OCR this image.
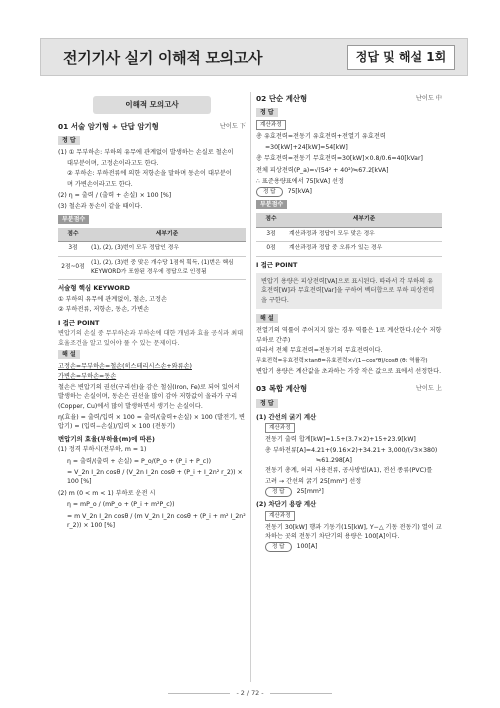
전기기사 실기 이해적 모의고사	정답 및 해설 1회
이해적 모의고사
01 서술 암기형 + 단답 암기형	난이도 下
정 답
(1) ① 무부하손: 부하의 유무에 관계없이 발생하는 손실로 철손이
대부분이며, 고정손이라고도 한다.
② 부하손: 부하전류에 의한 저항손을 말하며 동손이 대부분이
며 가변손이라고도 한다.
(2) η = 출력 / (출력 + 손실) × 100 [%]
(3) 철손과 동손이 같을 때이다.
부분점수
점수	세부기준
3점	(1), (2), (3)번이 모두 정답인 경우
2점~0점	(1), (2), (3)번 중 맞은 개수당 1점씩 획득, (1)번은 핵심 KEYWORD가 포함된 경우에 정답으로 인정됨
서술형 핵심 KEYWORD
① 부하의 유무에 관계없이, 철손, 고정손
② 부하전류, 저항손, 동손, 가변손
I 접근 POINT
변압기의 손실 중 무부하손과 부하손에 대한 개념과 효율 공식과 최대 효율조건을 알고 있어야 풀 수 있는 문제이다.
해 설
고정손=무부하손=철손(히스테리시스손+와류손)
가변손=부하손=동손
철손은 변압기의 권선(구리선)을 감은 철심(Iron, Fe)로 되어 있어서 발생하는 손실이며, 동손은 권선을 많이 감아 저항값이 올라가 구리(Copper, Cu)에서 많이 발생하면서 생기는 손실이다.
η(효율) = 출력/입력 × 100 = 출력/(출력+손실) × 100 (발전기, 변압기) = (입력−손실)/입력 × 100 (전동기)
변압기의 효율(부하율(m)에 따른)
(1) 정격 부하시(전부하, m = 1)
η = 출력/(출력 + 손실) = P_o/(P_o + (P_i + P_c))
= V_2n I_2n cosθ / (V_2n I_2n cosθ + (P_i + I_2n² r_2)) × 100 [%]
(2) m (0 < m < 1) 부하로 운전 시
η = mP_o / (mP_o + (P_i + m²P_c))
= m V_2n I_2n cosθ / (m V_2n I_2n cosθ + (P_i + m² I_2n² r_2)) × 100 [%]
02 단순 계산형	난이도 中
정 답
계산과정
총 유효전력=전동기 유효전력+전열기 유효전력
=30[kW]+24[kW]=54[kW]
총 무효전력=전동기 무효전력=30[kW]×0.8/0.6=40[kVar]
전체 피상전력(P_a)=√(54² + 40²)≒67.2[kVA]
∴ 표준용량표에서 75[kVA] 선정
정 답 75[kVA]
부분점수
점수	세부기준
3점	계산과정과 정답이 모두 맞은 경우
0점	계산과정과 정답 중 오류가 있는 경우
I 접근 POINT
변압기 용량은 피상전력[VA]으로 표시된다. 따라서 각 부하의 유효전력[W]과 무효전력[Var]을 구하여 벡터합으로 부하 피상전력을 구한다.
해 설
전열기의 역률이 주어지지 않는 경우 역률은 1로 계산한다.(순수 저항 부하로 간주)
따라서 전체 무효전력=전동기의 무효전력이다.
무효전력=유효전력×tanθ=유효전력×√(1−cos²θ)/cosθ (θ: 역률각)
변압기 용량은 계산값을 초과하는 가장 작은 값으로 표에서 선정한다.
03 복합 계산형	난이도 上
정 답
(1) 간선의 굵기 계산
계산과정
전동기 출력 합계[kW]=1.5+(3.7×2)+15+23.9[kW]
총 부하전류[A]=4.21+(9.16×2)+34.21+ 3,000/(√3×380)
≒61.298[A]
전동기 총계, 허리 사용전류, 공사방법(A1), 전선 종류(PVC)를
고려 → 간선의 굵기 25[mm²] 선정
정 답 25[mm²]
(2) 차단기 용량 계산
계산과정
전동기 30[kW] 행과 기동기(15[kW], Y−△ 기동 전동기) 열이 교차하는 곳의 전동기 차단기의 용량은 100[A]이다.
정 답 100[A]
- 2 / 72 -
